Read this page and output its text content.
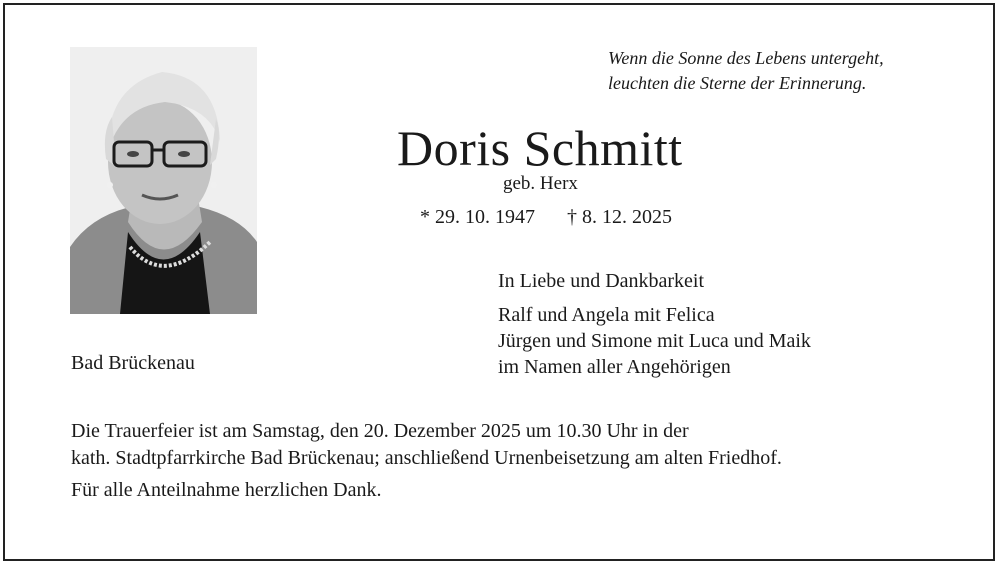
Wenn die Sonne des Lebens untergeht,
leuchten die Sterne der Erinnerung.
Doris Schmitt
geb. Herx
* 29. 10. 1947 † 8. 12. 2025
In Liebe und Dankbarkeit
Ralf und Angela mit Felica
Jürgen und Simone mit Luca und Maik
im Namen aller Angehörigen
Bad Brückenau
Die Trauerfeier ist am Samstag, den 20. Dezember 2025 um 10.30 Uhr in der
kath. Stadtpfarrkirche Bad Brückenau; anschließend Urnenbeisetzung am alten Friedhof.
Für alle Anteilnahme herzlichen Dank.
